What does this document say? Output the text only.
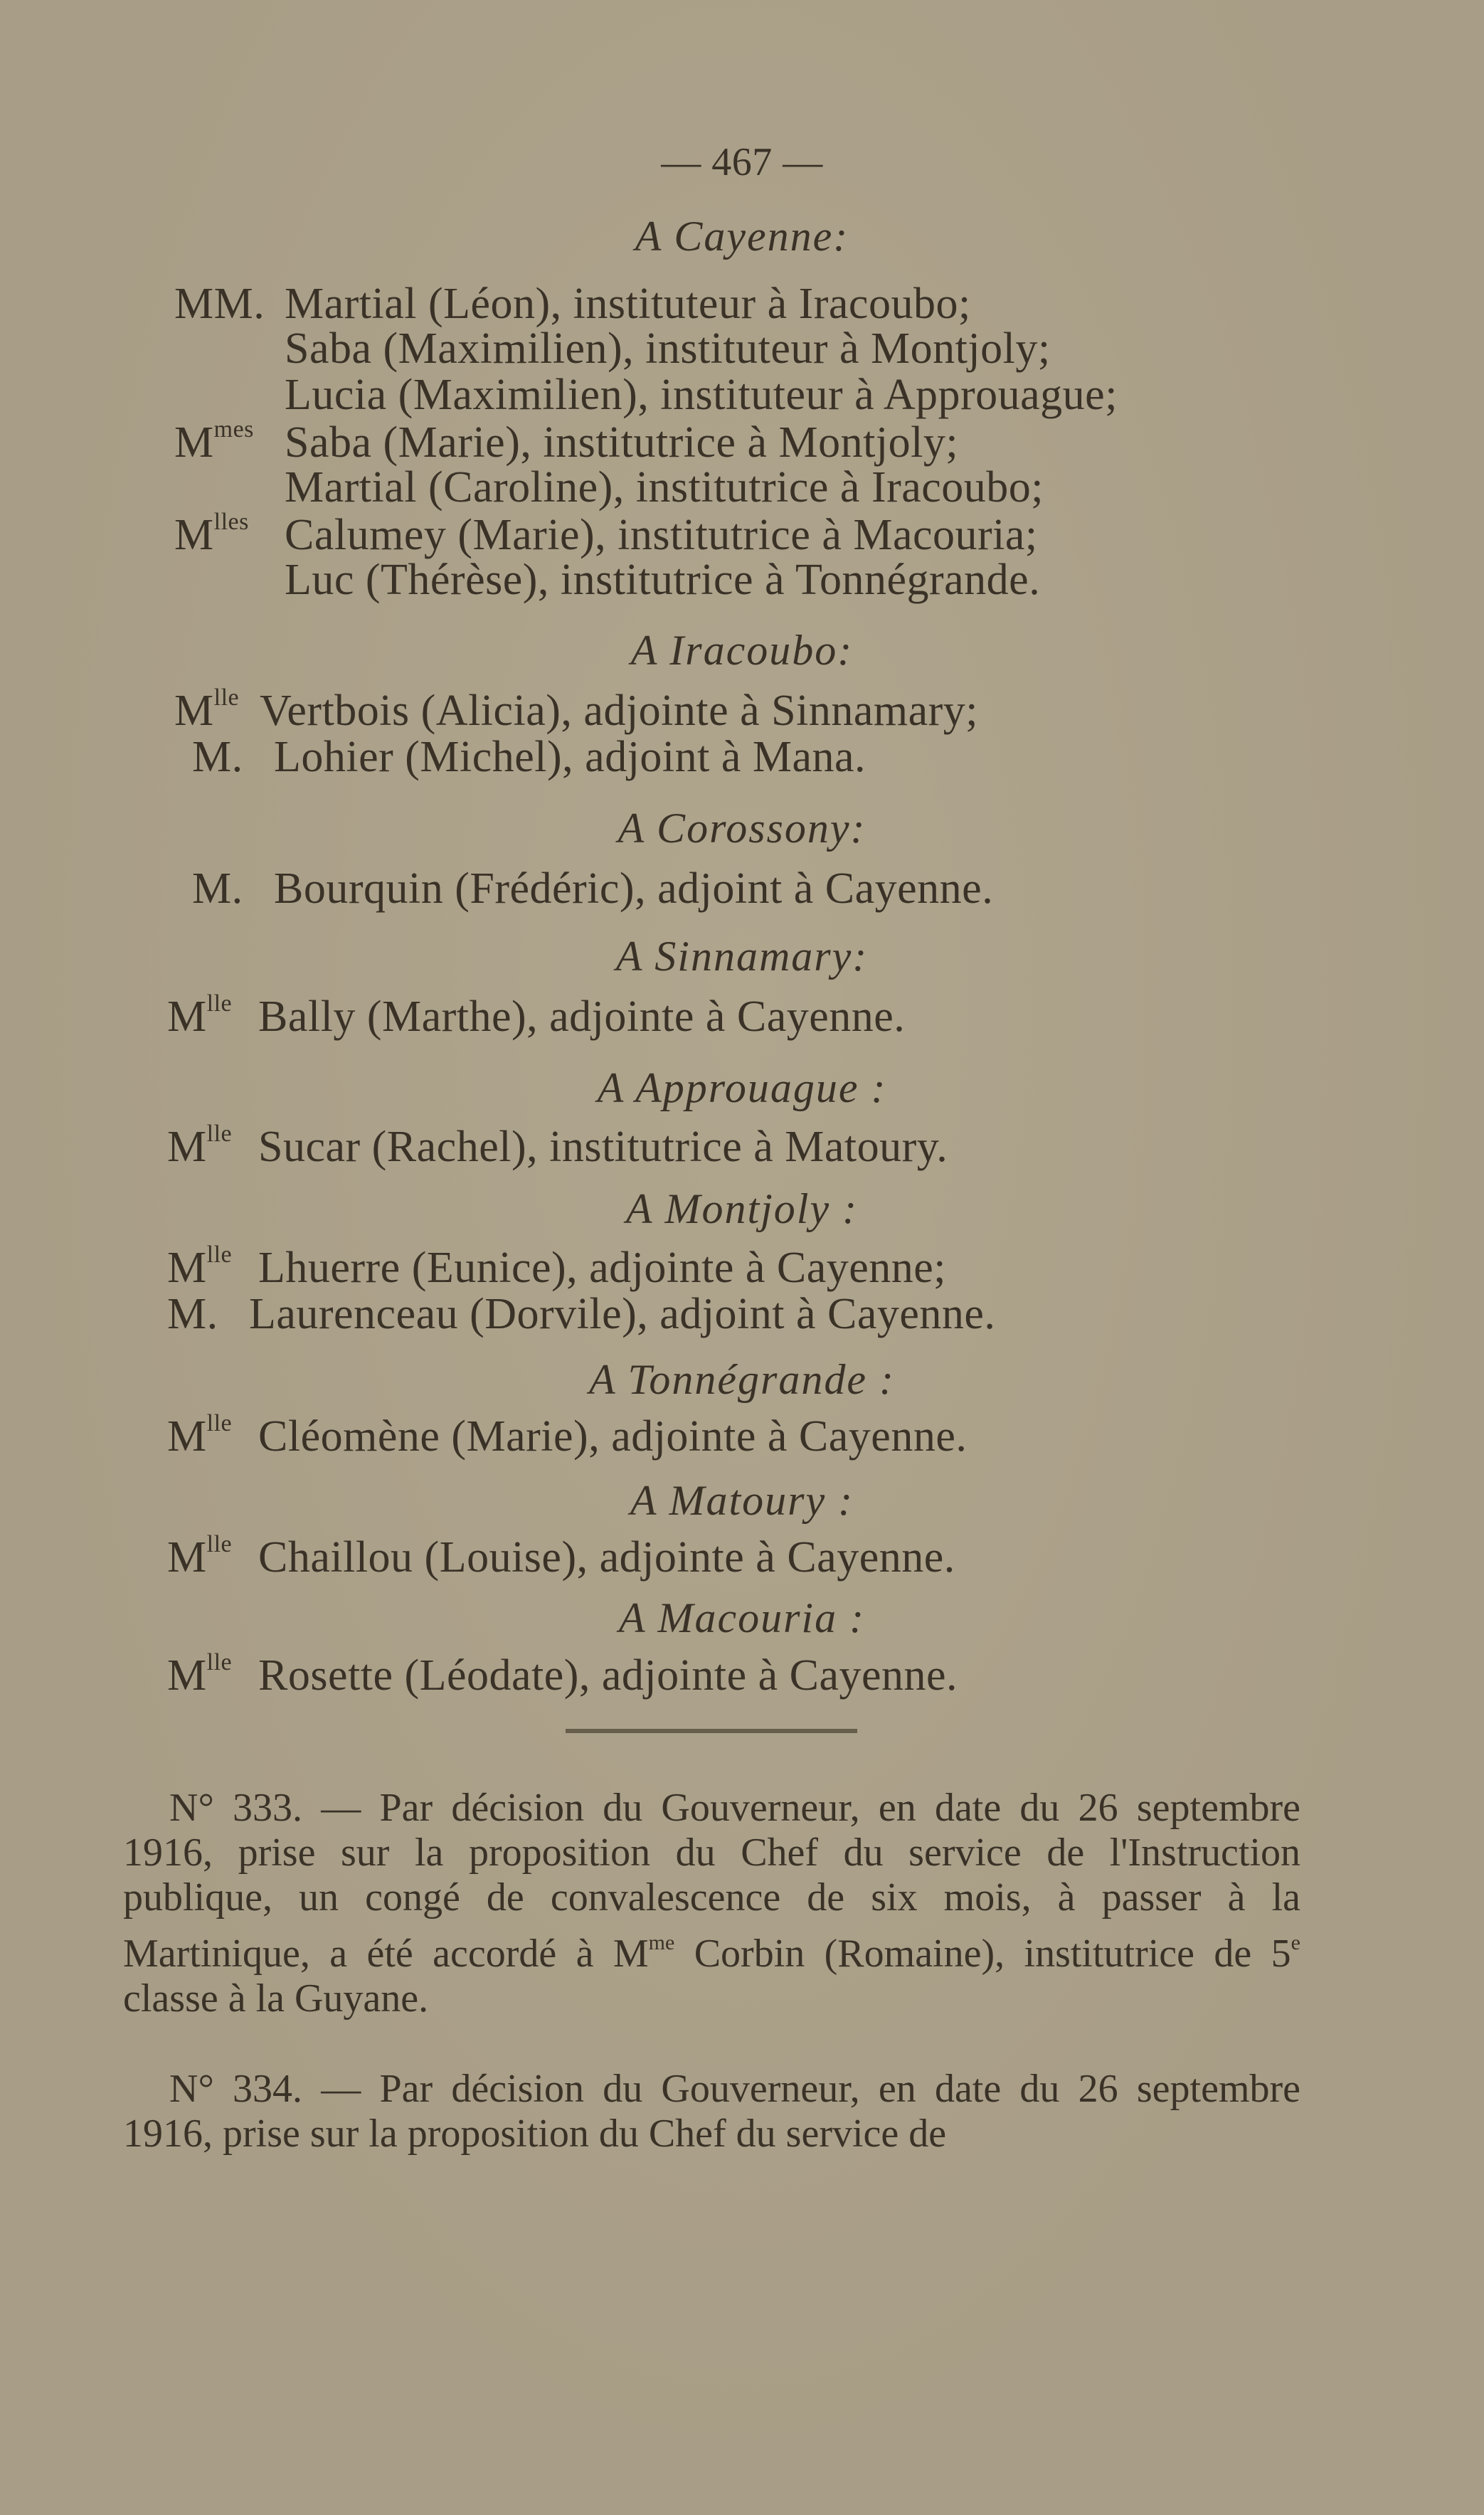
— 467 —
A Cayenne:
MM. Martial (Léon), instituteur à Iracoubo;
Saba (Maximilien), instituteur à Montjoly;
Lucia (Maximilien), instituteur à Approuague;
$M^{mes}$ Saba (Marie), institutrice à Montjoly;
Martial (Caroline), institutrice à Iracoubo;
$M^{lles}$ Calumey (Marie), institutrice à Macouria;
Luc (Thérèse), institutrice à Tonnégrande.
A Iracoubo:
$M^{lle}$ Vertbois (Alicia), adjointe à Sinnamary;
M. Lohier (Michel), adjoint à Mana.
A Corossony:
M. Bourquin (Frédéric), adjoint à Cayenne.
A Sinnamary:
$M^{lle}$ Bally (Marthe), adjointe à Cayenne.
A Approuague :
$M^{lle}$ Sucar (Rachel), institutrice à Matoury.
A Montjoly :
$M^{lle}$ Lhuerre (Eunice), adjointe à Cayenne;
M. Laurenceau (Dorvile), adjoint à Cayenne.
A Tonnégrande :
$M^{lle}$ Cléomène (Marie), adjointe à Cayenne.
A Matoury :
$M^{lle}$ Chaillou (Louise), adjointe à Cayenne.
A Macouria :
$M^{lle}$ Rosette (Léodate), adjointe à Cayenne.
N° 333. — Par décision du Gouverneur, en date du 26 septembre 1916, prise sur la proposition du Chef du service de l'Instruction publique, un congé de convalescence de six mois, à passer à la Martinique, a été accordé à $M^{me}$ Corbin (Romaine), institutrice de 5e classe à la Guyane.
N° 334. — Par décision du Gouverneur, en date du 26 septembre 1916, prise sur la proposition du Chef du service de
